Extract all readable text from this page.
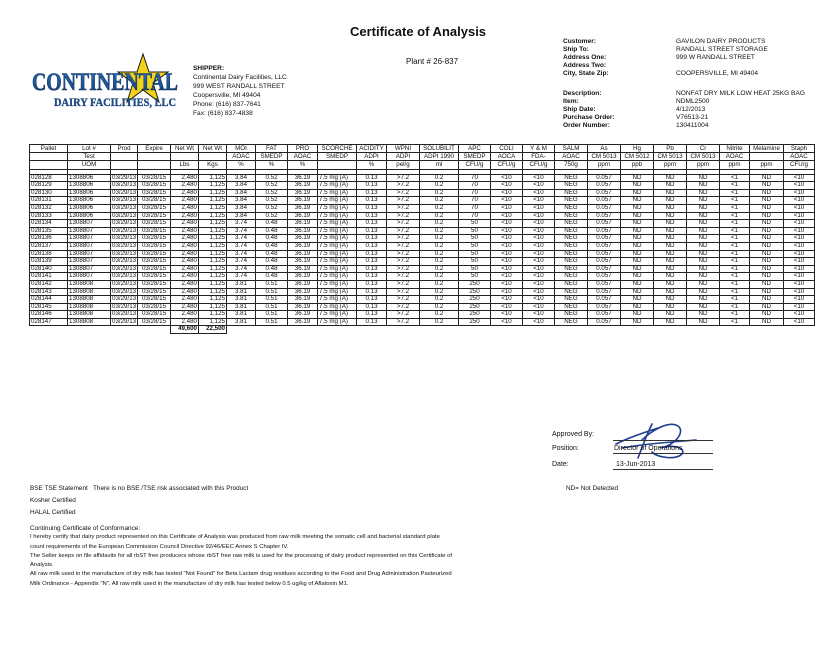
Certificate of Analysis
Plant # 26-837
CONTINENTAL
DAIRY FACILITIES, LLC
SHIPPER:
Continental Dairy Facilities, LLC
999 WEST RANDALL STREET
Coopersville, MI 49404
Phone: (616) 837-7641
Fax: (616) 837-4838
Customer:	GAVILON DAIRY PRODUCTS
Ship To:	RANDALL STREET STORAGE
Address One:	999 W RANDALL STREET
Address Two:
City, State Zip:	COOPERSVILLE, MI 49404
Description:	NONFAT DRY MILK LOW HEAT 25KG BAG
Item:	NDML2500
Ship Date:	4/12/2013
Purchase Order:	V76513-21
Order Number:	130411004
Pallet	Lot #	Prod	Expire	Net Wt	Net Wt	MOI	FAT	PRO	SCORCHE	ACIDITY	WPNI	SOLUBILIT	APC	COLI	Y & M	SALM	As	Hg	Pb	Cr	Nitrite	Melamine	Staph
	Test					AOAC	SMEDP	AOAC	SMEDP	ADPI	ADPI	ADPI 1990	SMEDP	AOCA	FDA-	AOAC	CM 5013	CM 5012	CM 5013	CM 5013	AOAC		AOAC
	UOM			Lbs	Kgs	%	%	%		%	pel/g	ml	CFU/g	CFU/g	CFU/g	750g	ppm	ppb	ppm	ppm	ppm	ppm	CFU/g

028128	1308806	03/29/13	03/28/15	2,480	1,125	3.84	0.52	36.19	7.5 mg (A)	0.13	>7.2	0.2	70	<10	<10	NEG	0.057	ND	ND	ND	<1	ND	<10
028129	1308806	03/29/13	03/28/15	2,480	1,125	3.84	0.52	36.19	7.5 mg (A)	0.13	>7.2	0.2	70	<10	<10	NEG	0.057	ND	ND	ND	<1	ND	<10
028130	1308806	03/29/13	03/28/15	2,480	1,125	3.84	0.52	36.19	7.5 mg (A)	0.13	>7.2	0.2	70	<10	<10	NEG	0.057	ND	ND	ND	<1	ND	<10
028131	1308806	03/29/13	03/28/15	2,480	1,125	3.84	0.52	36.19	7.5 mg (A)	0.13	>7.2	0.2	70	<10	<10	NEG	0.057	ND	ND	ND	<1	ND	<10
028132	1308806	03/29/13	03/28/15	2,480	1,125	3.84	0.52	36.19	7.5 mg (A)	0.13	>7.2	0.2	70	<10	<10	NEG	0.057	ND	ND	ND	<1	ND	<10
028133	1308806	03/29/13	03/28/15	2,480	1,125	3.84	0.52	36.19	7.5 mg (A)	0.13	>7.2	0.2	70	<10	<10	NEG	0.057	ND	ND	ND	<1	ND	<10
028134	1308807	03/29/13	03/28/15	2,480	1,125	3.74	0.48	36.19	7.5 mg (A)	0.13	>7.2	0.2	50	<10	<10	NEG	0.057	ND	ND	ND	<1	ND	<10
028135	1308807	03/29/13	03/28/15	2,480	1,125	3.74	0.48	36.19	7.5 mg (A)	0.13	>7.2	0.2	50	<10	<10	NEG	0.057	ND	ND	ND	<1	ND	<10
028136	1308807	03/29/13	03/28/15	2,480	1,125	3.74	0.48	36.19	7.5 mg (A)	0.13	>7.2	0.2	50	<10	<10	NEG	0.057	ND	ND	ND	<1	ND	<10
028137	1308807	03/29/13	03/28/15	2,480	1,125	3.74	0.48	36.19	7.5 mg (A)	0.13	>7.2	0.2	50	<10	<10	NEG	0.057	ND	ND	ND	<1	ND	<10
028138	1308807	03/29/13	03/28/15	2,480	1,125	3.74	0.48	36.19	7.5 mg (A)	0.13	>7.2	0.2	50	<10	<10	NEG	0.057	ND	ND	ND	<1	ND	<10
028139	1308807	03/29/13	03/28/15	2,480	1,125	3.74	0.48	36.19	7.5 mg (A)	0.13	>7.2	0.2	50	<10	<10	NEG	0.057	ND	ND	ND	<1	ND	<10
028140	1308807	03/29/13	03/28/15	2,480	1,125	3.74	0.48	36.19	7.5 mg (A)	0.13	>7.2	0.2	50	<10	<10	NEG	0.057	ND	ND	ND	<1	ND	<10
028141	1308807	03/29/13	03/28/15	2,480	1,125	3.74	0.48	36.19	7.5 mg (A)	0.13	>7.2	0.2	50	<10	<10	NEG	0.057	ND	ND	ND	<1	ND	<10
028142	1308808	03/29/13	03/28/15	2,480	1,125	3.81	0.51	36.19	7.5 mg (A)	0.13	>7.2	0.2	250	<10	<10	NEG	0.057	ND	ND	ND	<1	ND	<10
028143	1308808	03/29/13	03/28/15	2,480	1,125	3.81	0.51	36.19	7.5 mg (A)	0.13	>7.2	0.2	250	<10	<10	NEG	0.057	ND	ND	ND	<1	ND	<10
028144	1308808	03/29/13	03/28/15	2,480	1,125	3.81	0.51	36.19	7.5 mg (A)	0.13	>7.2	0.2	250	<10	<10	NEG	0.057	ND	ND	ND	<1	ND	<10
028145	1308808	03/29/13	03/28/15	2,480	1,125	3.81	0.51	36.19	7.5 mg (A)	0.13	>7.2	0.2	250	<10	<10	NEG	0.057	ND	ND	ND	<1	ND	<10
028146	1308808	03/29/13	03/28/15	2,480	1,125	3.81	0.51	36.19	7.5 mg (A)	0.13	>7.2	0.2	250	<10	<10	NEG	0.057	ND	ND	ND	<1	ND	<10
028147	1308808	03/29/13	03/28/15	2,480	1,125	3.81	0.51	36.19	7.5 mg (A)	0.13	>7.2	0.2	250	<10	<10	NEG	0.057	ND	ND	ND	<1	ND	<10
				49,600	22,500																		
BSE TSE Statement There is no BSE /TSE risk associated with this Product	ND= Not Detected
Kosher Certified
HALAL Certified
Continuing Certificate of Conformance:
I hereby certify that dairy product represented on this Certificate of Analysis was produced from raw milk meeting the somatic cell and bacterial standard plate
count requirements of the European Commission Council Directive 92/46/EEC Annex S Chapter IV.
The Seller keeps on file affidavits for all rbST free producers whose rbST free raw milk is used for the processing of dairy product represented on this Certificate of
Analysis.
All raw milk used in the manufacture of dry milk has tested "Not Found" for Beta Lactam drug residues according to the Food and Drug Administration Pasteurized
Milk Ordinance - Appendix "N". All raw milk used in the manufacture of dry milk has tested below 0.5 ug/kg of Aflatoxin M1.
Approved By:
Position:	Director of Operations
Date:	13-Jun-2013
